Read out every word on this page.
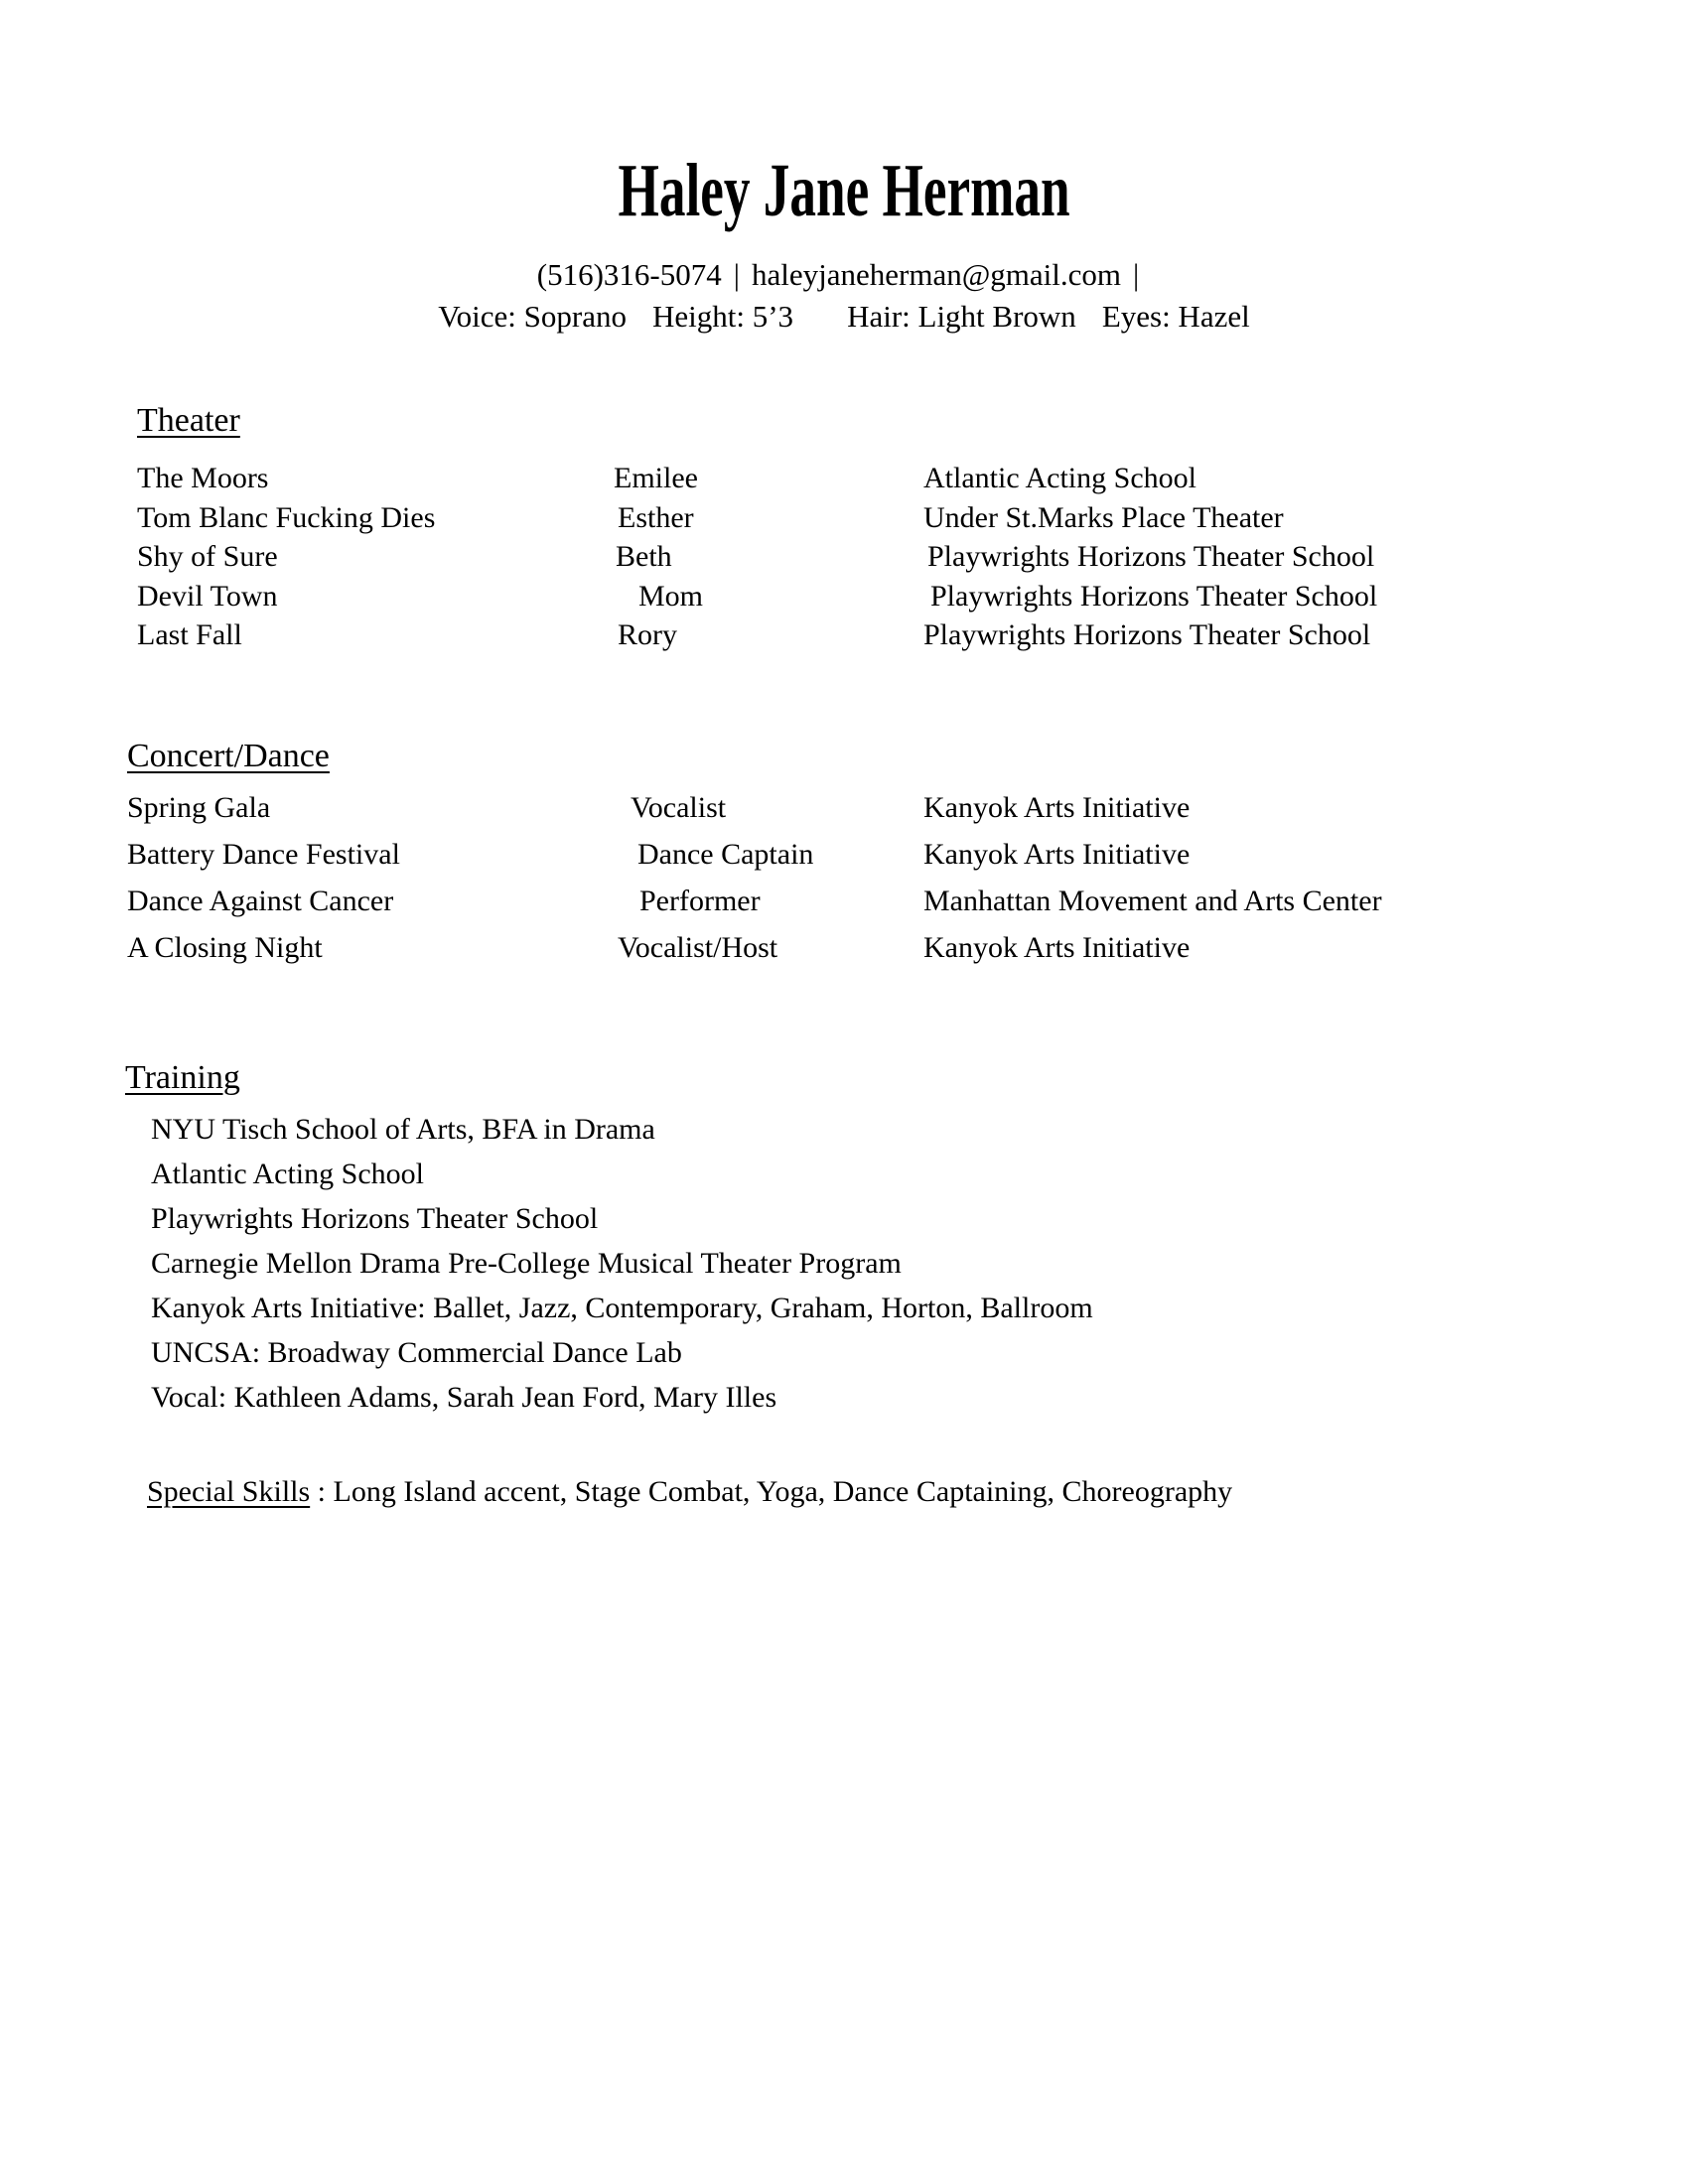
Haley Jane Herman
(516)316-5074 | haleyjaneherman@gmail.com |
Voice: Soprano Height: 5’3 Hair: Light Brown Eyes: Hazel
Theater
The Moors	Emilee	Atlantic Acting School
Tom Blanc Fucking Dies	Esther	Under St.Marks Place Theater
Shy of Sure	Beth	Playwrights Horizons Theater School
Devil Town	Mom	Playwrights Horizons Theater School
Last Fall	Rory	Playwrights Horizons Theater School
Concert/Dance
Spring Gala	Vocalist	Kanyok Arts Initiative
Battery Dance Festival	Dance Captain	Kanyok Arts Initiative
Dance Against Cancer	Performer	Manhattan Movement and Arts Center
A Closing Night	Vocalist/Host	Kanyok Arts Initiative
Training
NYU Tisch School of Arts, BFA in Drama
Atlantic Acting School
Playwrights Horizons Theater School
Carnegie Mellon Drama Pre-College Musical Theater Program
Kanyok Arts Initiative: Ballet, Jazz, Contemporary, Graham, Horton, Ballroom
UNCSA: Broadway Commercial Dance Lab
Vocal: Kathleen Adams, Sarah Jean Ford, Mary Illes

Special Skills : Long Island accent, Stage Combat, Yoga, Dance Captaining, Choreography
